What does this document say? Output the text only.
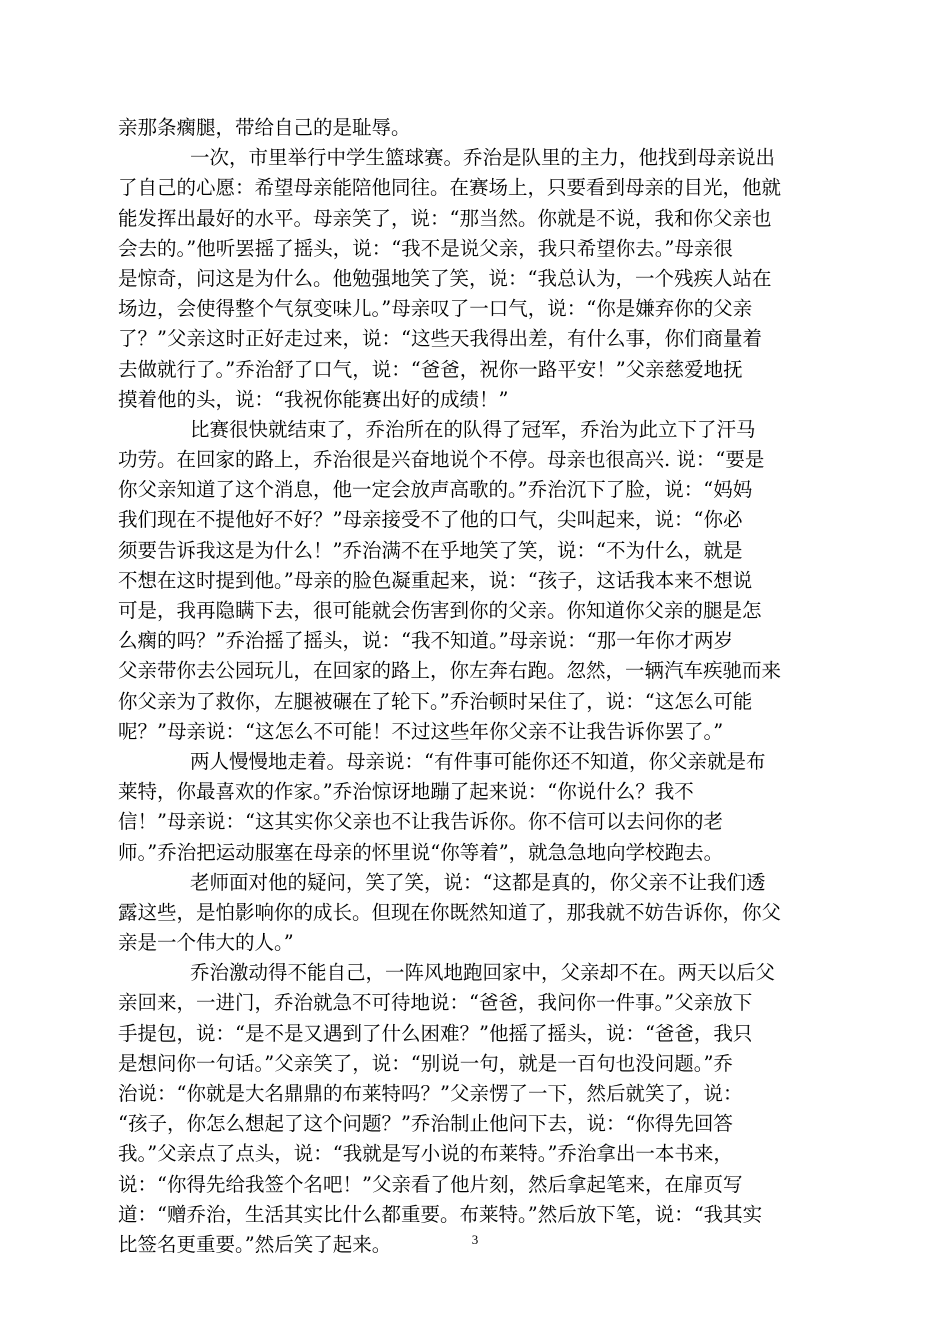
亲那条瘸腿，带给自己的是耻辱。
一次，市里举行中学生篮球赛。乔治是队里的主力，他找到母亲说出
了自己的心愿：希望母亲能陪他同往。在赛场上，只要看到母亲的目光，他就
能发挥出最好的水平。母亲笑了，说：“那当然。你就是不说，我和你父亲也
会去的。”他听罢摇了摇头，说：“我不是说父亲，我只希望你去。”母亲很
是惊奇，问这是为什么。他勉强地笑了笑，说：“我总认为，一个残疾人站在
场边，会使得整个气氛变味儿。”母亲叹了一口气，说：“你是嫌弃你的父亲
了？”父亲这时正好走过来，说：“这些天我得出差，有什么事，你们商量着
去做就行了。”乔治舒了口气，说：“爸爸，祝你一路平安！”父亲慈爱地抚
摸着他的头，说：“我祝你能赛出好的成绩！”
比赛很快就结束了，乔治所在的队得了冠军，乔治为此立下了汗马
功劳。在回家的路上，乔治很是兴奋地说个不停。母亲也很高兴. 说：“要是
你父亲知道了这个消息，他一定会放声高歌的。”乔治沉下了脸，说：“妈妈
我们现在不提他好不好？”母亲接受不了他的口气，尖叫起来，说：“你必
须要告诉我这是为什么！”乔治满不在乎地笑了笑，说：“不为什么，就是
不想在这时提到他。”母亲的脸色凝重起来，说：“孩子，这话我本来不想说
可是，我再隐瞒下去，很可能就会伤害到你的父亲。你知道你父亲的腿是怎
么瘸的吗？”乔治摇了摇头，说：“我不知道。”母亲说：“那一年你才两岁
父亲带你去公园玩儿，在回家的路上，你左奔右跑。忽然，一辆汽车疾驰而来
你父亲为了救你，左腿被碾在了轮下。”乔治顿时呆住了，说：“这怎么可能
呢？”母亲说：“这怎么不可能！不过这些年你父亲不让我告诉你罢了。”
两人慢慢地走着。母亲说：“有件事可能你还不知道，你父亲就是布
莱特，你最喜欢的作家。”乔治惊讶地蹦了起来说：“你说什么？我不
信！”母亲说：“这其实你父亲也不让我告诉你。你不信可以去问你的老
师。”乔治把运动服塞在母亲的怀里说“你等着”，就急急地向学校跑去。
老师面对他的疑问，笑了笑，说：“这都是真的，你父亲不让我们透
露这些，是怕影响你的成长。但现在你既然知道了，那我就不妨告诉你，你父
亲是一个伟大的人。”
乔治激动得不能自己，一阵风地跑回家中，父亲却不在。两天以后父
亲回来，一进门，乔治就急不可待地说：“爸爸，我问你一件事。”父亲放下
手提包，说：“是不是又遇到了什么困难？”他摇了摇头，说：“爸爸，我只
是想问你一句话。”父亲笑了，说：“别说一句，就是一百句也没问题。”乔
治说：“你就是大名鼎鼎的布莱特吗？”父亲愣了一下，然后就笑了，说：
“孩子，你怎么想起了这个问题？”乔治制止他问下去，说：“你得先回答
我。”父亲点了点头，说：“我就是写小说的布莱特。”乔治拿出一本书来，
说：“你得先给我签个名吧！”父亲看了他片刻，然后拿起笔来，在扉页写
道：“赠乔治，生活其实比什么都重要。布莱特。”然后放下笔，说：“我其实
比签名更重要。”然后笑了起来。	3
